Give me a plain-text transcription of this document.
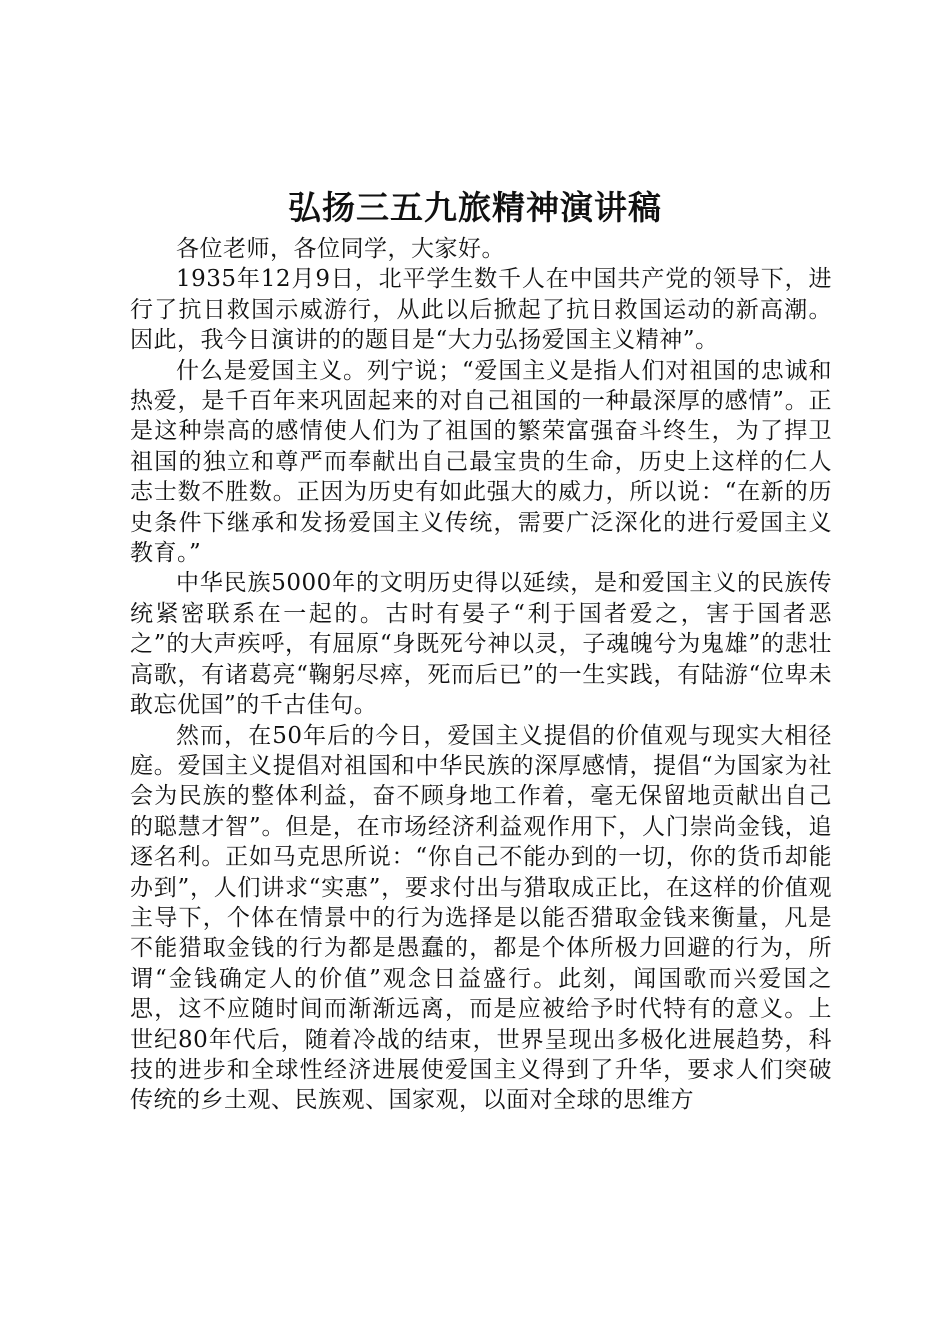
弘扬三五九旅精神演讲稿

各位老师，各位同学，大家好。

1935年12月9日，北平学生数千人在中国共产党的领导下，进行了抗日救国示威游行，从此以后掀起了抗日救国运动的新高潮。因此，我今日演讲的的题目是“大力弘扬爱国主义精神”。

什么是爱国主义。列宁说；“爱国主义是指人们对祖国的忠诚和热爱，是千百年来巩固起来的对自己祖国的一种最深厚的感情”。正是这种崇高的感情使人们为了祖国的繁荣富强奋斗终生，为了捍卫祖国的独立和尊严而奉献出自己最宝贵的生命，历史上这样的仁人志士数不胜数。正因为历史有如此强大的威力，所以说：“在新的历史条件下继承和发扬爱国主义传统，需要广泛深化的进行爱国主义教育。”

中华民族5000年的文明历史得以延续，是和爱国主义的民族传统紧密联系在一起的。古时有晏子“利于国者爱之，害于国者恶之”的大声疾呼，有屈原“身既死兮神以灵，子魂魄兮为鬼雄”的悲壮高歌，有诸葛亮“鞠躬尽瘁，死而后已”的一生实践，有陆游“位卑未敢忘优国”的千古佳句。

然而，在50年后的今日，爱国主义提倡的价值观与现实大相径庭。爱国主义提倡对祖国和中华民族的深厚感情，提倡“为国家为社会为民族的整体利益，奋不顾身地工作着，毫无保留地贡献出自己的聪慧才智”。但是，在市场经济利益观作用下，人门崇尚金钱，追逐名利。正如马克思所说：“你自己不能办到的一切，你的货币却能办到”，人们讲求“实惠”，要求付出与猎取成正比，在这样的价值观主导下，个体在情景中的行为选择是以能否猎取金钱来衡量，凡是不能猎取金钱的行为都是愚蠢的，都是个体所极力回避的行为，所谓“金钱确定人的价值”观念日益盛行。此刻，闻国歌而兴爱国之思，这不应随时间而渐渐远离，而是应被给予时代特有的意义。上世纪80年代后，随着冷战的结束，世界呈现出多极化进展趋势，科技的进步和全球性经济进展使爱国主义得到了升华，要求人们突破传统的乡土观、民族观、国家观，以面对全球的思维方
